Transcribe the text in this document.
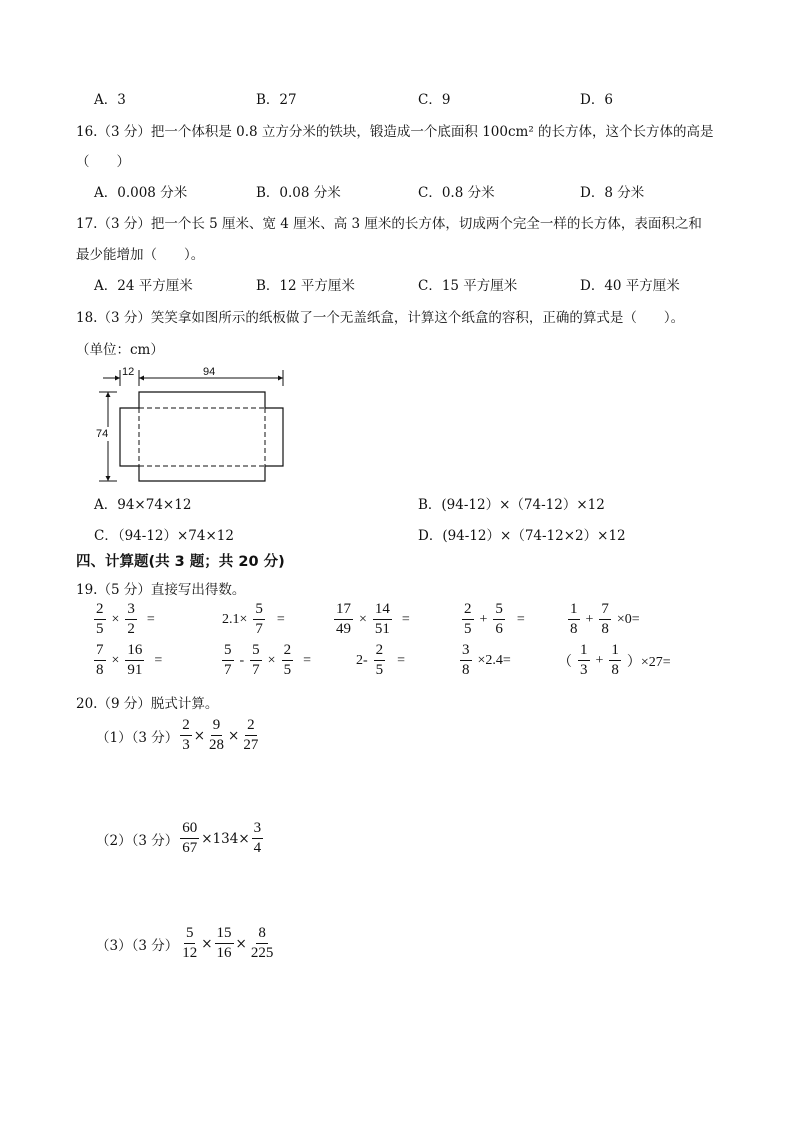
A．3	B．27	C．9	D．6
16.（3 分）把一个体积是 0.8 立方分米的铁块，锻造成一个底面积 100cm² 的长方体，这个长方体的高是
（　　）
A．0.008 分米	B．0.08 分米	C．0.8 分米	D．8 分米
17.（3 分）把一个长 5 厘米、宽 4 厘米、高 3 厘米的长方体，切成两个完全一样的长方体，表面积之和
最少能增加（　　）。
A．24 平方厘米	B．12 平方厘米	C．15 平方厘米	D．40 平方厘米
18.（3 分）笑笑拿如图所示的纸板做了一个无盖纸盒，计算这个纸盒的容积，正确的算式是（　　）。
（单位：cm）
12	94
74
A．94×74×12	B．(94-12）×（74-12）×12
C．（94-12）×74×12	D．(94-12）×（74-12×2）×12
四、计算题(共 3 题；共 20 分)
19.（5 分）直接写出得数。
$\frac{2}{5} \times \frac{3}{2}$ =	$2.1\times \frac{5}{7}$ =	$\frac{17}{49} \times \frac{14}{51}$ =	$\frac{2}{5} + \frac{5}{6}$ =	$\frac{1}{8} + \frac{7}{8} \times 0=$
$\frac{7}{8} \times \frac{16}{91}$ =	$\frac{5}{7} - \frac{5}{7} \times \frac{2}{5}$ =	$2- \frac{2}{5}$ =	$\frac{3}{8} \times 2.4=$	（ $\frac{1}{3} + \frac{1}{8} )\times 27=$
20.（9 分）脱式计算。
（1）（3 分） $\frac{2}{3} \times \frac{9}{28} \times \frac{2}{27}$
（2）（3 分） $\frac{60}{67} \times 134\times \frac{3}{4}$
（3）（3 分） $\frac{5}{12} \times \frac{15}{16} \times \frac{8}{225}$
